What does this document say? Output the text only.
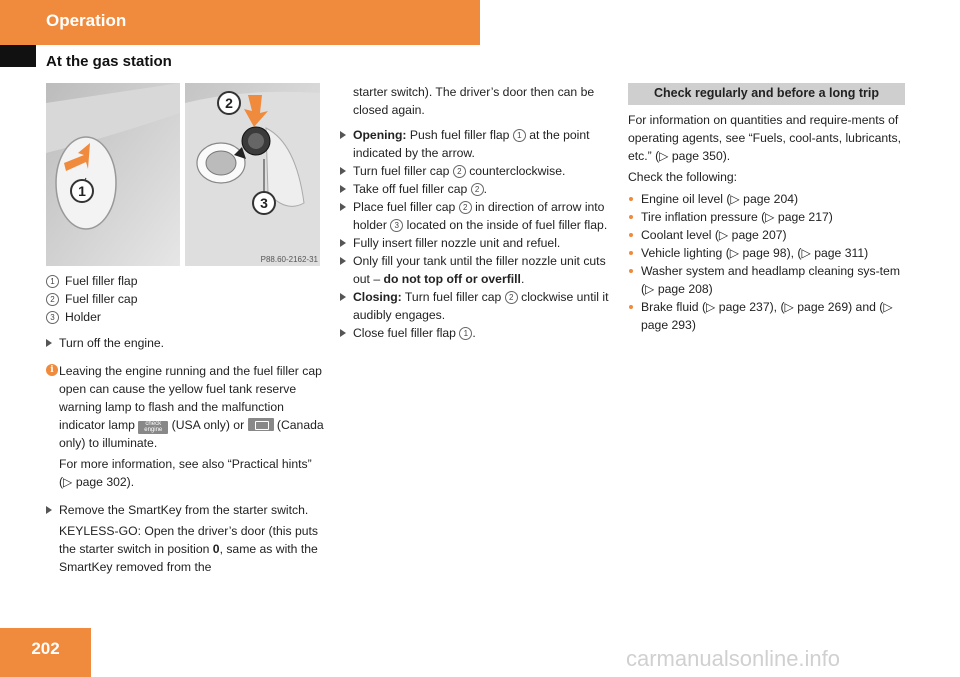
Operation
At the gas station
1
2
3
P88.60-2162-31

1 Fuel filler flap

2 Fuel filler cap

3 Holder

Turn off the engine.

i Leaving the engine running and the fuel filler cap open can cause the yellow fuel tank reserve warning lamp to flash and the malfunction indicator lamp check engine (USA only) or	(Canada only) to illuminate.

For more information, see also “Practical hints” (▷ page 302).

Remove the SmartKey from the starter switch.

KEYLESS-GO: Open the driver’s door (this puts the starter switch in position 0, same as with the SmartKey removed from the

starter switch). The driver’s door then can be closed again.

Opening: Push fuel filler flap 1 at the point indicated by the arrow.

Turn fuel filler cap 2 counterclockwise.

Take off fuel filler cap 2 .

Place fuel filler cap 2 in direction of arrow into holder 3 located on the inside of fuel filler flap.

Fully insert filler nozzle unit and refuel.

Only fill your tank until the filler nozzle unit cuts out – do not top off or overfill.

Closing: Turn fuel filler cap 2 clockwise until it audibly engages.

Close fuel filler flap 1 .

Check regularly and before a long trip

For information on quantities and require-ments of operating agents, see “Fuels, cool-ants, lubricants, etc.” (▷ page 350).

Check the following:

Engine oil level (▷ page 204)

Tire inflation pressure (▷ page 217)

Coolant level (▷ page 207)

Vehicle lighting (▷ page 98), (▷ page 311)

Washer system and headlamp cleaning sys-tem (▷ page 208)

Brake fluid (▷ page 237), (▷ page 269) and (▷ page 293)

202	carmanualsonline.info
